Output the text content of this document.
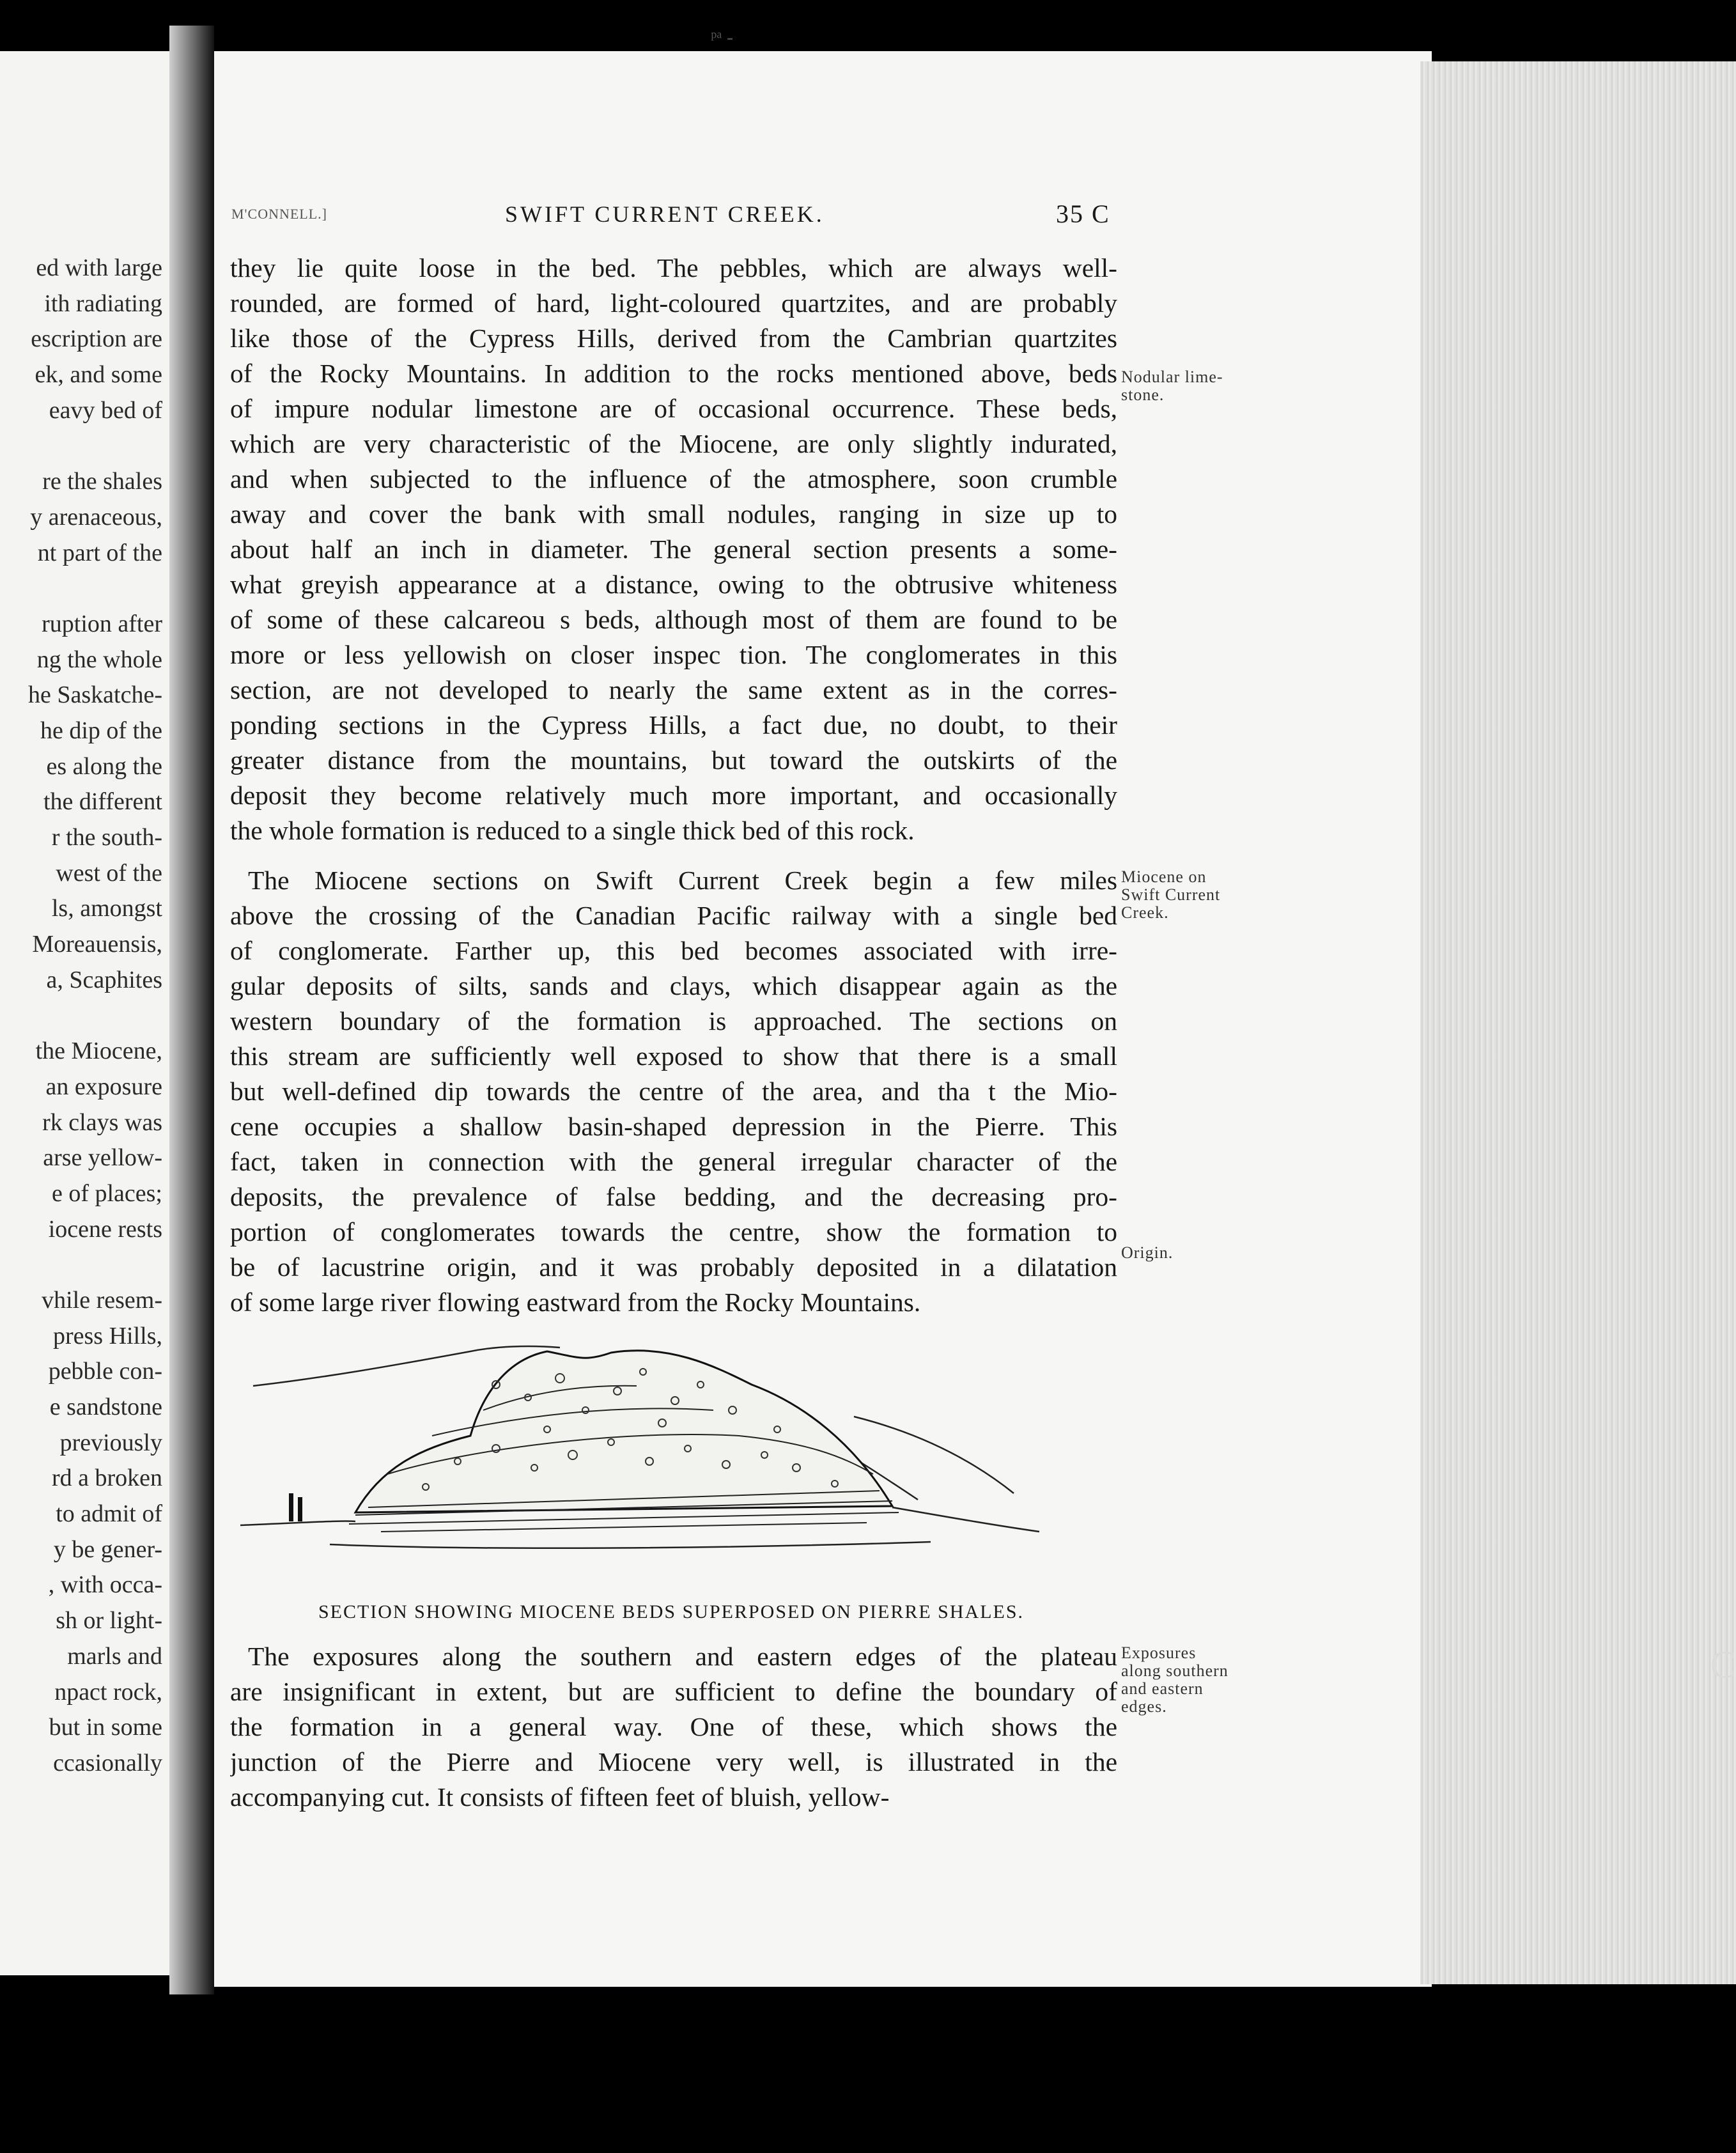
ed with large
ith radiating
escription are
ek, and some
eavy bed of
re the shales
y arenaceous,
nt part of the
ruption after
ng the whole
he Saskatche-
he dip of the
es along the
the different
r the south-
west of the
ls, amongst
Moreauensis,
a, Scaphites
the Miocene,
an exposure
rk clays was
arse yellow-
e of places;
iocene rests
vhile resem-
press Hills,
pebble con-
e sandstone
previously
rd a broken
to admit of
y be gener-
, with occa-
sh or light-
marls and
npact rock,
but in some
ccasionally
ᵖᵃ -
C
M'CONNELL.]	SWIFT CURRENT CREEK.	35 C
they lie quite loose in the bed. The pebbles, which are always well-
rounded, are formed of hard, light-coloured quartzites, and are probably
like those of the Cypress Hills, derived from the Cambrian quartzites
of the Rocky Mountains. In addition to the rocks mentioned above, beds
of impure nodular limestone are of occasional occurrence. These beds,
which are very characteristic of the Miocene, are only slightly indurated,
and when subjected to the influence of the atmosphere, soon crumble
away and cover the bank with small nodules, ranging in size up to
about half an inch in diameter. The general section presents a some-
what greyish appearance at a distance, owing to the obtrusive whiteness
of some of these calcareou s beds, although most of them are found to be
more or less yellowish on closer inspec tion. The conglomerates in this
section, are not developed to nearly the same extent as in the corres-
ponding sections in the Cypress Hills, a fact due, no doubt, to their
greater distance from the mountains, but toward the outskirts of the
deposit they become relatively much more important, and occasionally
the whole formation is reduced to a single thick bed of this rock.
The Miocene sections on Swift Current Creek begin a few miles
above the crossing of the Canadian Pacific railway with a single bed
of conglomerate. Farther up, this bed becomes associated with irre-
gular deposits of silts, sands and clays, which disappear again as the
western boundary of the formation is approached. The sections on
this stream are sufficiently well exposed to show that there is a small
but well-defined dip towards the centre of the area, and tha t the Mio-
cene occupies a shallow basin-shaped depression in the Pierre. This
fact, taken in connection with the general irregular character of the
deposits, the prevalence of false bedding, and the decreasing pro-
portion of conglomerates towards the centre, show the formation to
be of lacustrine origin, and it was probably deposited in a dilatation
of some large river flowing eastward from the Rocky Mountains.
SECTION SHOWING MIOCENE BEDS SUPERPOSED ON PIERRE SHALES.
The exposures along the southern and eastern edges of the plateau
are insignificant in extent, but are sufficient to define the boundary of
the formation in a general way. One of these, which shows the
junction of the Pierre and Miocene very well, is illustrated in the
accompanying cut. It consists of fifteen feet of bluish, yellow-
Nodular lime-
stone.
Miocene on
Swift Current
Creek.
Origin.
Exposures
along southern
and eastern
edges.
